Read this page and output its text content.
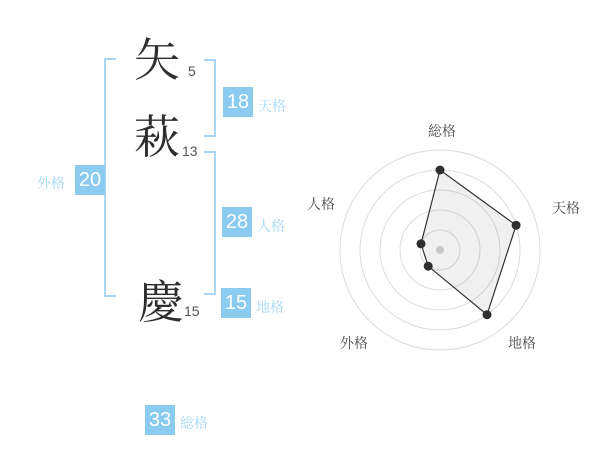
矢 5
萩 13
慶 15
18 天格
28 人格
15 地格
外格 20
33 総格
総格
天格
地格
外格
人格
